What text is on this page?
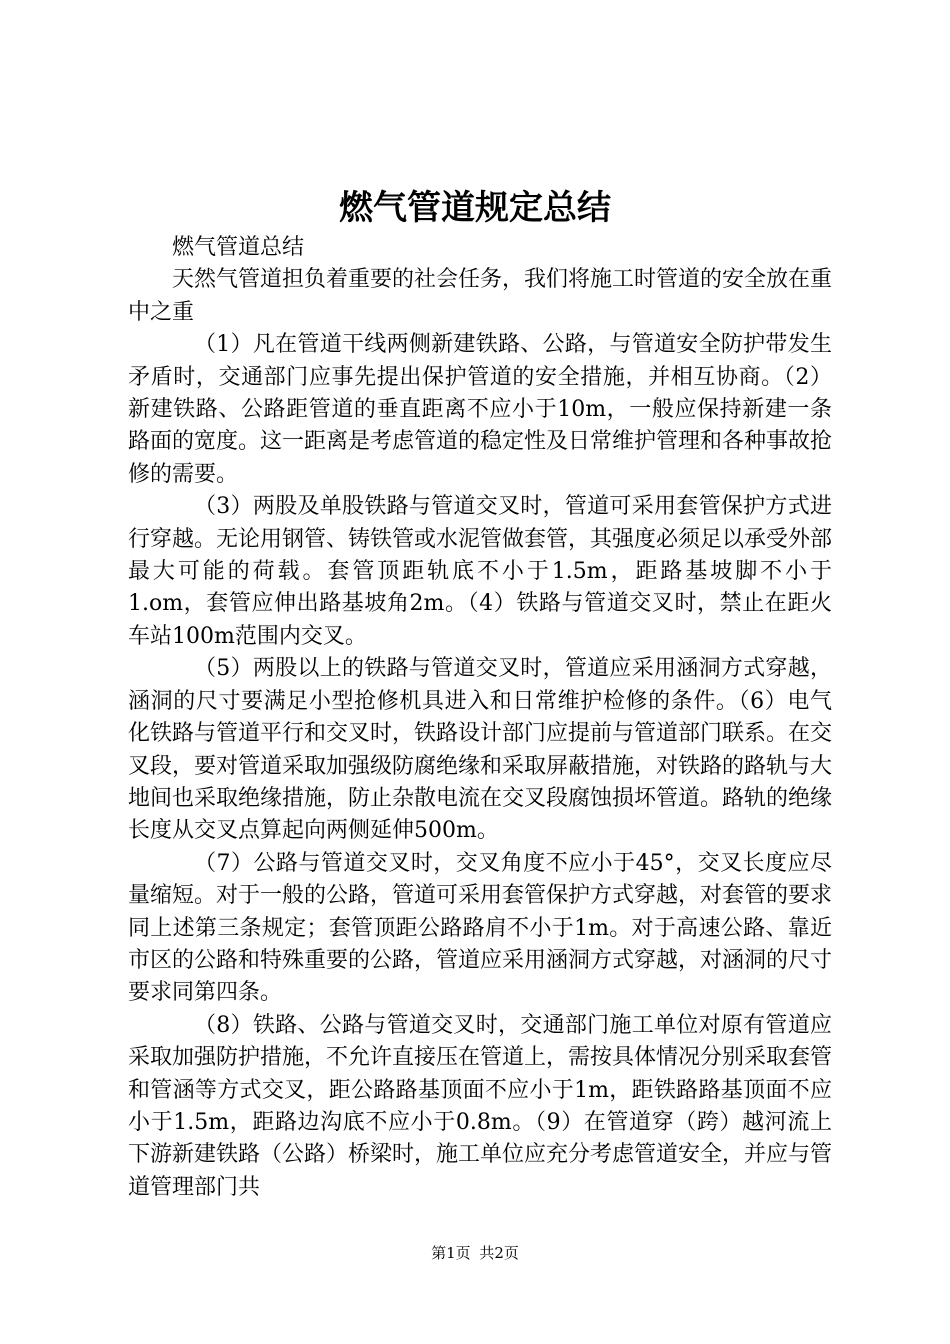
燃气管道规定总结

燃气管道总结

天然气管道担负着重要的社会任务，我们将施工时管道的安全放在重中之重

（1）凡在管道干线两侧新建铁路、公路，与管道安全防护带发生矛盾时，交通部门应事先提出保护管道的安全措施，并相互协商。（2）新建铁路、公路距管道的垂直距离不应小于10m，一般应保持新建一条路面的宽度。这一距离是考虑管道的稳定性及日常维护管理和各种事故抢修的需要。

（3）两股及单股铁路与管道交叉时，管道可采用套管保护方式进行穿越。无论用钢管、铸铁管或水泥管做套管，其强度必须足以承受外部最大可能的荷载。套管顶距轨底不小于1.5m，距路基坡脚不小于1.om，套管应伸出路基坡角2m。（4）铁路与管道交叉时，禁止在距火车站100m范围内交叉。

（5）两股以上的铁路与管道交叉时，管道应采用涵洞方式穿越，涵洞的尺寸要满足小型抢修机具进入和日常维护检修的条件。（6）电气化铁路与管道平行和交叉时，铁路设计部门应提前与管道部门联系。在交叉段，要对管道采取加强级防腐绝缘和采取屏蔽措施，对铁路的路轨与大地间也采取绝缘措施，防止杂散电流在交叉段腐蚀损坏管道。路轨的绝缘长度从交叉点算起向两侧延伸500m。

（7）公路与管道交叉时，交叉角度不应小于45°，交叉长度应尽量缩短。对于一般的公路，管道可采用套管保护方式穿越，对套管的要求同上述第三条规定；套管顶距公路路肩不小于1m。对于高速公路、靠近市区的公路和特殊重要的公路，管道应采用涵洞方式穿越，对涵洞的尺寸要求同第四条。

（8）铁路、公路与管道交叉时，交通部门施工单位对原有管道应采取加强防护措施，不允许直接压在管道上，需按具体情况分别采取套管和管涵等方式交叉，距公路路基顶面不应小于1m，距铁路路基顶面不应小于1.5m，距路边沟底不应小于0.8m。（9）在管道穿（跨）越河流上下游新建铁路（公路）桥梁时，施工单位应充分考虑管道安全，并应与管道管理部门共

第1页 共2页
